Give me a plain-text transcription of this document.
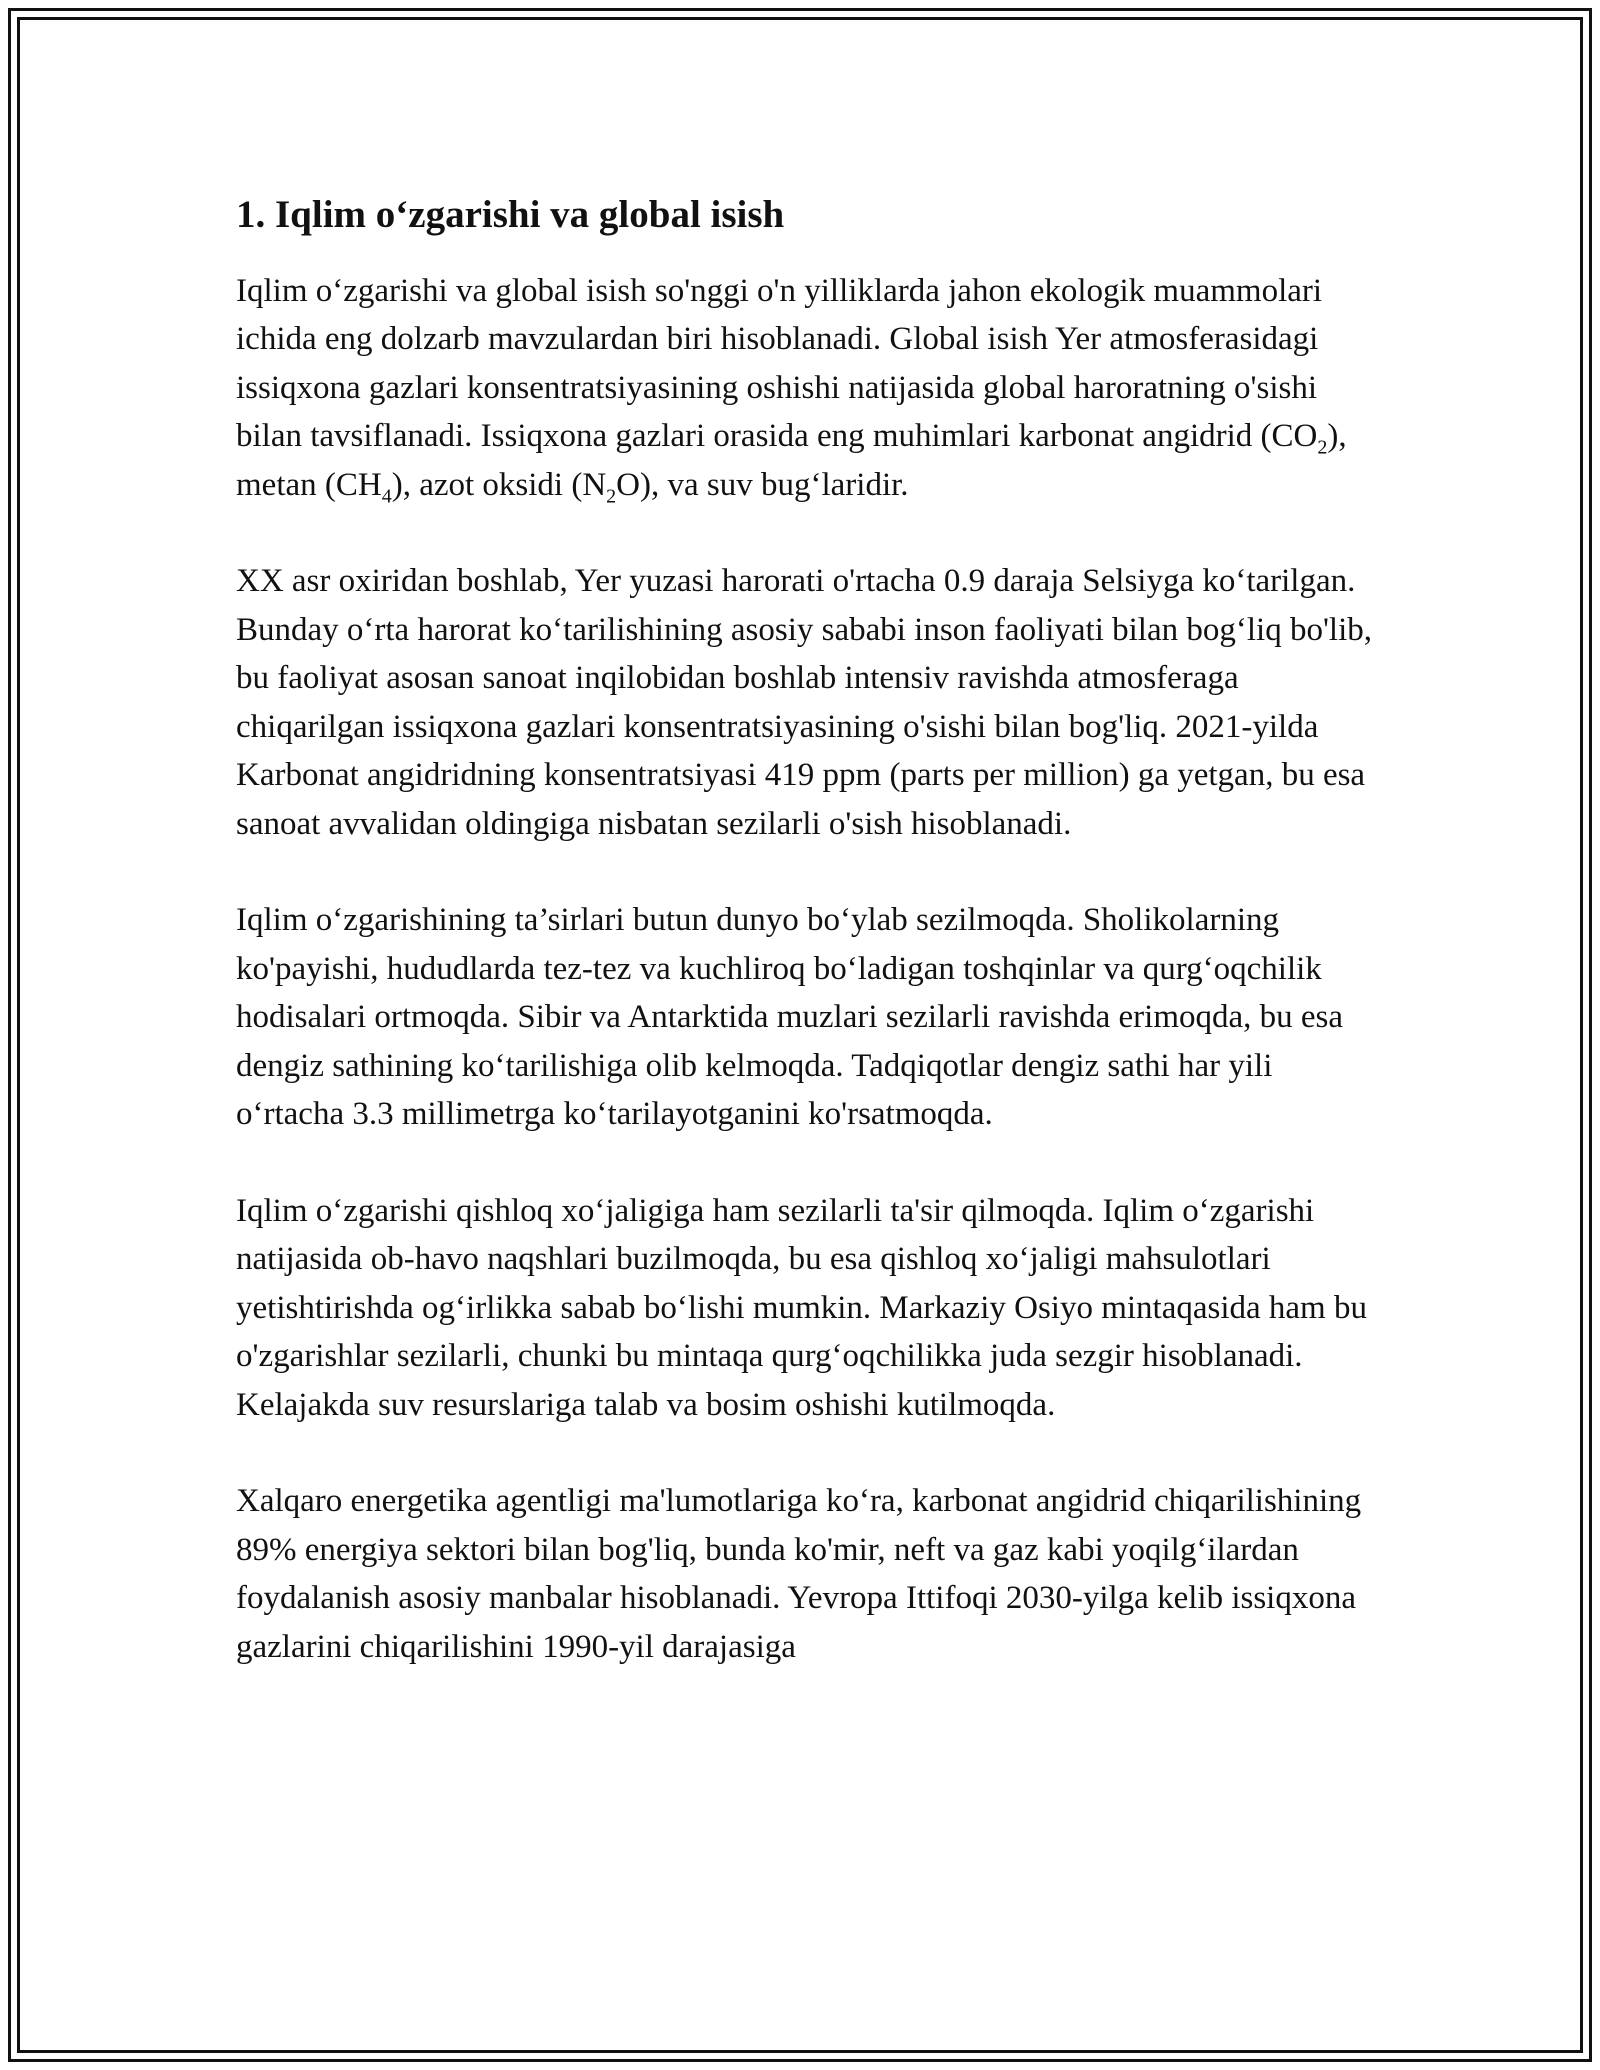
1. Iqlim o‘zgarishi va global isish

Iqlim o‘zgarishi va global isish so'nggi o'n yilliklarda jahon ekologik muammolari ichida eng dolzarb mavzulardan biri hisoblanadi. Global isish Yer atmosferasidagi issiqxona gazlari konsentratsiyasining oshishi natijasida global haroratning o'sishi bilan tavsiflanadi. Issiqxona gazlari orasida eng muhimlari karbonat angidrid $(CO_2)$, metan $(CH_4)$, azot oksidi $(N_2O)$, va suv bug‘laridir.

XX asr oxiridan boshlab, Yer yuzasi harorati o'rtacha 0.9 daraja Selsiyga ko‘tarilgan. Bunday o‘rta harorat ko‘tarilishining asosiy sababi inson faoliyati bilan bog‘liq bo'lib, bu faoliyat asosan sanoat inqilobidan boshlab intensiv ravishda atmosferaga chiqarilgan issiqxona gazlari konsentratsiyasining o'sishi bilan bog'liq. 2021-yilda Karbonat angidridning konsentratsiyasi 419 ppm (parts per million) ga yetgan, bu esa sanoat avvalidan oldingiga nisbatan sezilarli o'sish hisoblanadi.

Iqlim o‘zgarishining ta’sirlari butun dunyo bo‘ylab sezilmoqda. Sholikolarning ko'payishi, hududlarda tez-tez va kuchliroq bo‘ladigan toshqinlar va qurg‘oqchilik hodisalari ortmoqda. Sibir va Antarktida muzlari sezilarli ravishda erimoqda, bu esa dengiz sathining ko‘tarilishiga olib kelmoqda. Tadqiqotlar dengiz sathi har yili o‘rtacha 3.3 millimetrga ko‘tarilayotganini ko'rsatmoqda.

Iqlim o‘zgarishi qishloq xo‘jaligiga ham sezilarli ta'sir qilmoqda. Iqlim o‘zgarishi natijasida ob-havo naqshlari buzilmoqda, bu esa qishloq xo‘jaligi mahsulotlari yetishtirishda og‘irlikka sabab bo‘lishi mumkin. Markaziy Osiyo mintaqasida ham bu o'zgarishlar sezilarli, chunki bu mintaqa qurg‘oqchilikka juda sezgir hisoblanadi. Kelajakda suv resurslariga talab va bosim oshishi kutilmoqda.

Xalqaro energetika agentligi ma'lumotlariga ko‘ra, karbonat angidrid chiqarilishining 89% energiya sektori bilan bog'liq, bunda ko'mir, neft va gaz kabi yoqilg‘ilardan foydalanish asosiy manbalar hisoblanadi. Yevropa Ittifoqi 2030-yilga kelib issiqxona gazlarini chiqarilishini 1990-yil darajasiga
